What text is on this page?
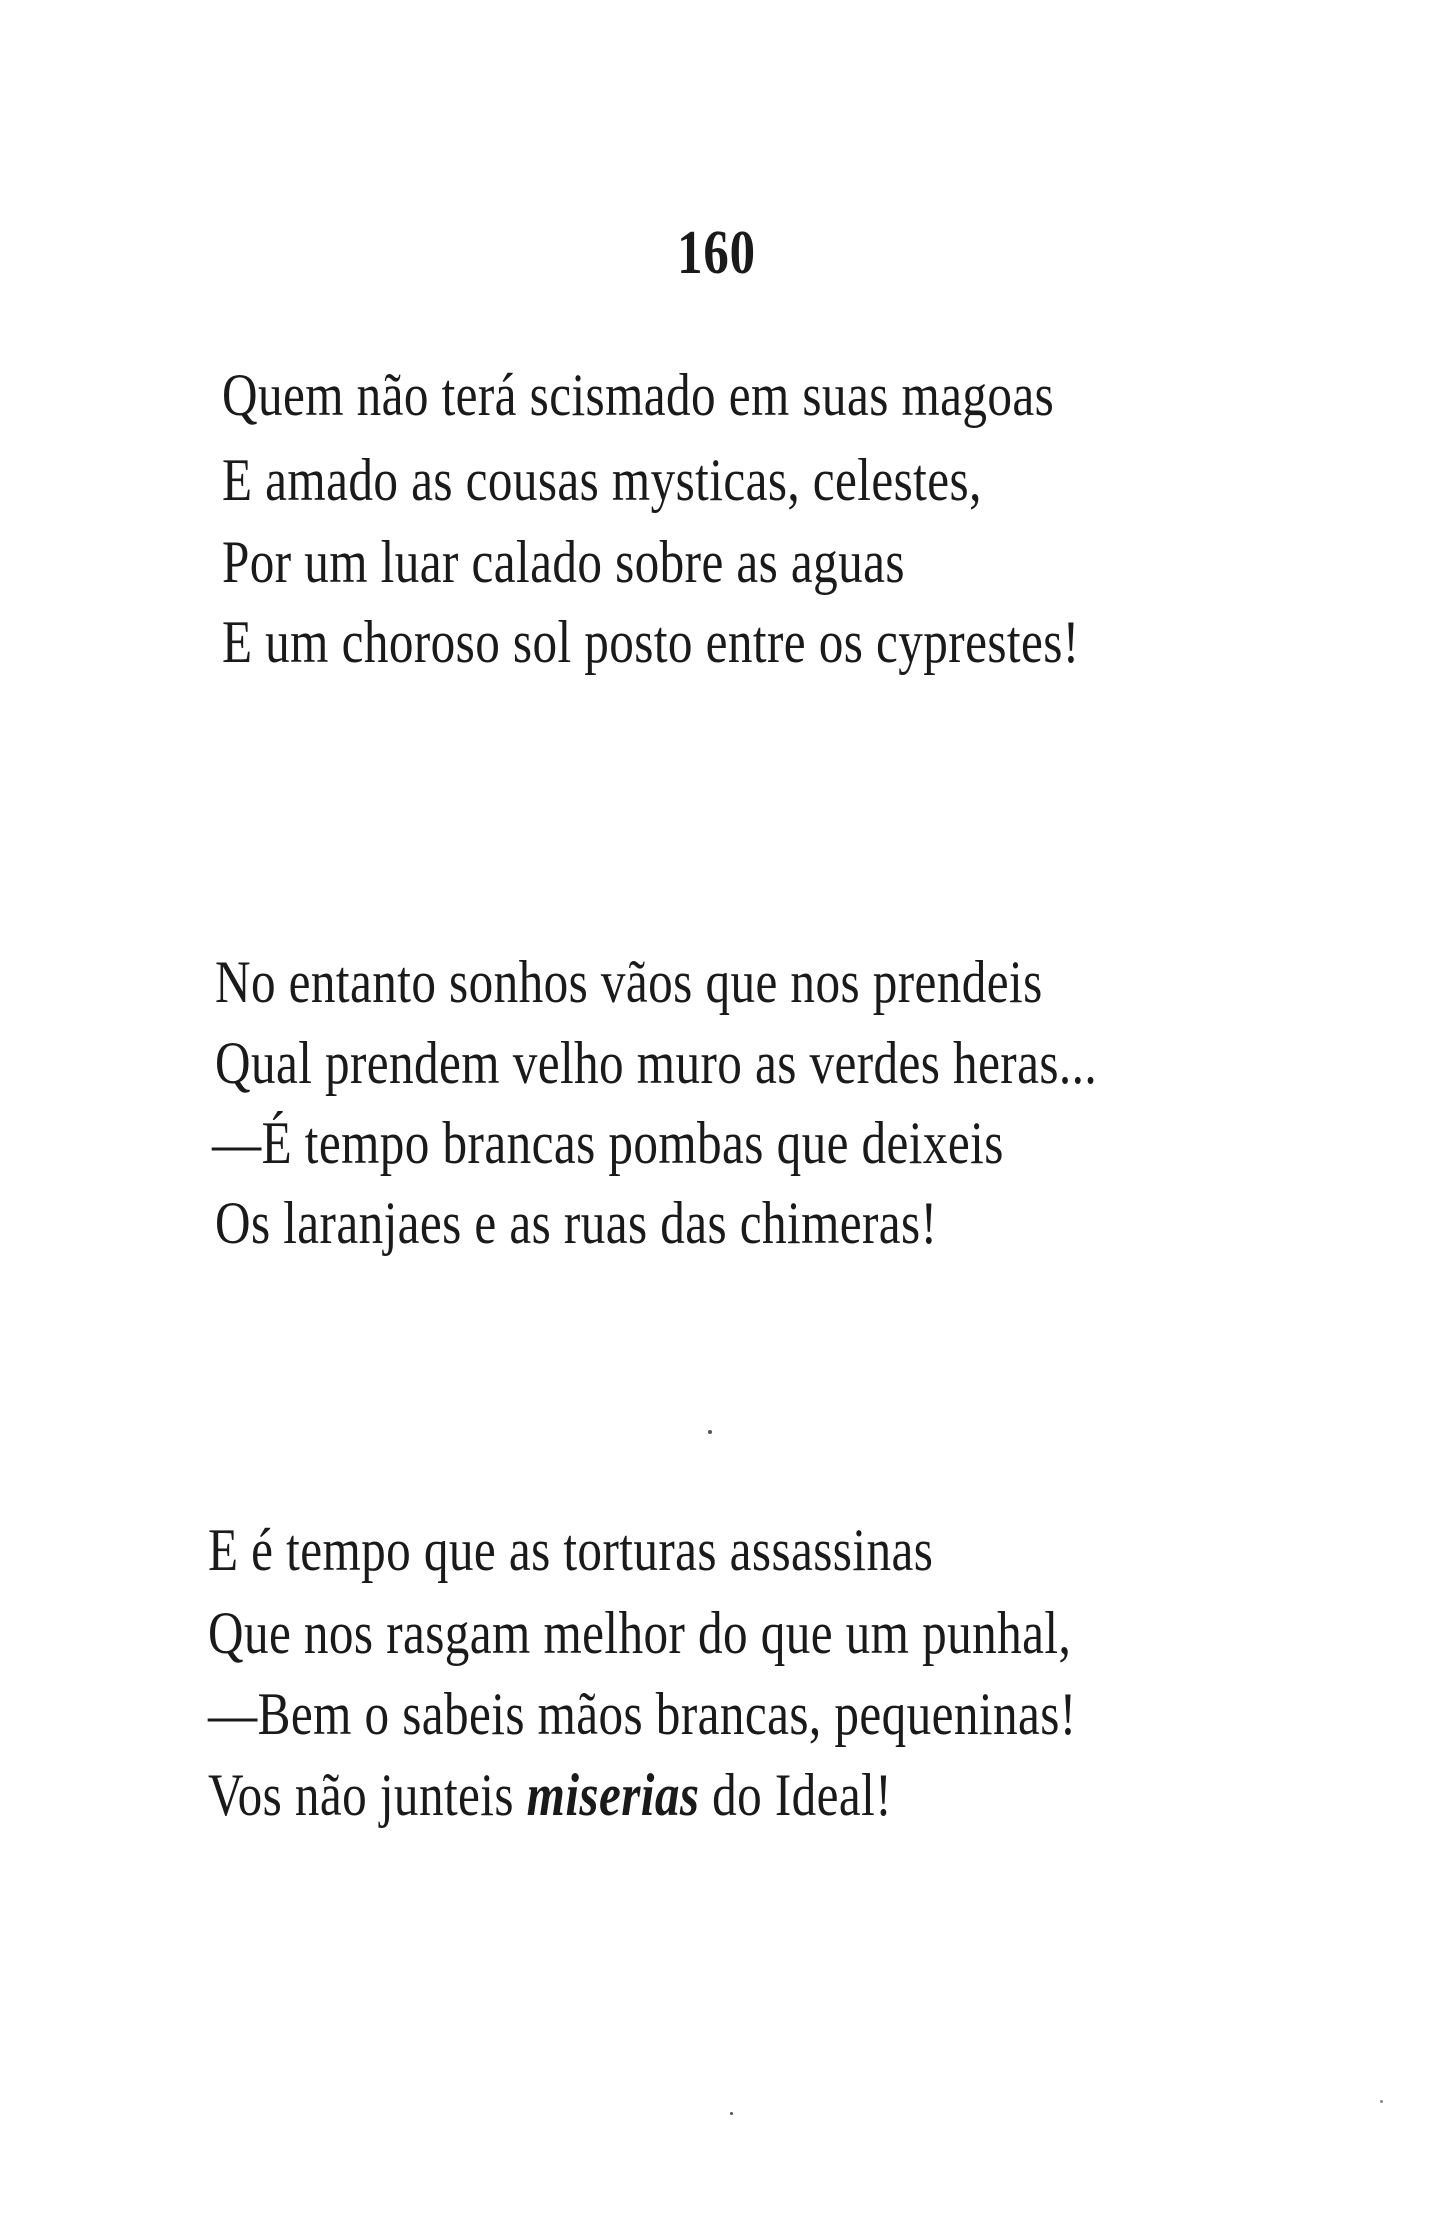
160
Quem não terá scismado em suas magoas
E amado as cousas mysticas, celestes,
Por um luar calado sobre as aguas
E um choroso sol posto entre os cyprestes!
No entanto sonhos vãos que nos prendeis
Qual prendem velho muro as verdes heras...
—É tempo brancas pombas que deixeis
Os laranjaes e as ruas das chimeras!
E é tempo que as torturas assassinas
Que nos rasgam melhor do que um punhal,
—Bem o sabeis mãos brancas, pequeninas!
Vos não junteis miserias do Ideal!
